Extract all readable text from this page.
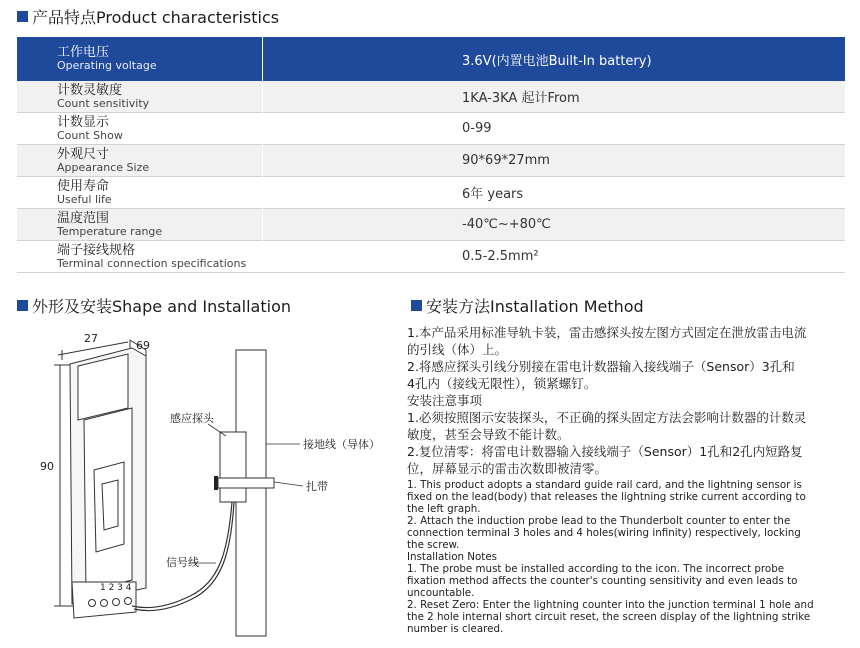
产品特点Product characteristics
工作电压
Operating voltage	3.6V(内置电池Built-In battery)

计数灵敏度
Count sensitivity	1KA-3KA 起计From

计数显示
Count Show	0-99

外观尺寸
Appearance Size	90*69*27mm

使用寿命
Useful life	6年 years

温度范围
Temperature range	-40℃~+80℃

端子接线规格
Terminal connection specifications	0.5-2.5mm²
外形及安装Shape and Installation	安装方法Installation Method
27
69
90
1 2 3 4
感应探头
接地线（导体）
扎带
信号线

1.本产品采用标准导轨卡装，雷击感探头按左图方式固定在泄放雷击电流

的引线（体）上。

2.将感应探头引线分别接在雷电计数器输入接线端子（Sensor）3孔和

4孔内（接线无限性），锁紧螺钉。

安装注意事项

1.必须按照图示安装探头，不正确的探头固定方法会影响计数器的计数灵

敏度，甚至会导致不能计数。

2.复位清零：将雷电计数器输入接线端子（Sensor）1孔和2孔内短路复

位，屏幕显示的雷击次数即被清零。

1. This product adopts a standard guide rail card, and the lightning sensor is

fixed on the lead(body) that releases the lightning strike current according to

the left graph.

2. Attach the induction probe lead to the Thunderbolt counter to enter the

connection terminal 3 holes and 4 holes(wiring infinity) respectively, locking

the screw.

Installation Notes

1. The probe must be installed according to the icon. The incorrect probe

fixation method affects the counter's counting sensitivity and even leads to

uncountable.

2. Reset Zero: Enter the lightning counter into the junction terminal 1 hole and

the 2 hole internal short circuit reset, the screen display of the lightning strike

number is cleared.
